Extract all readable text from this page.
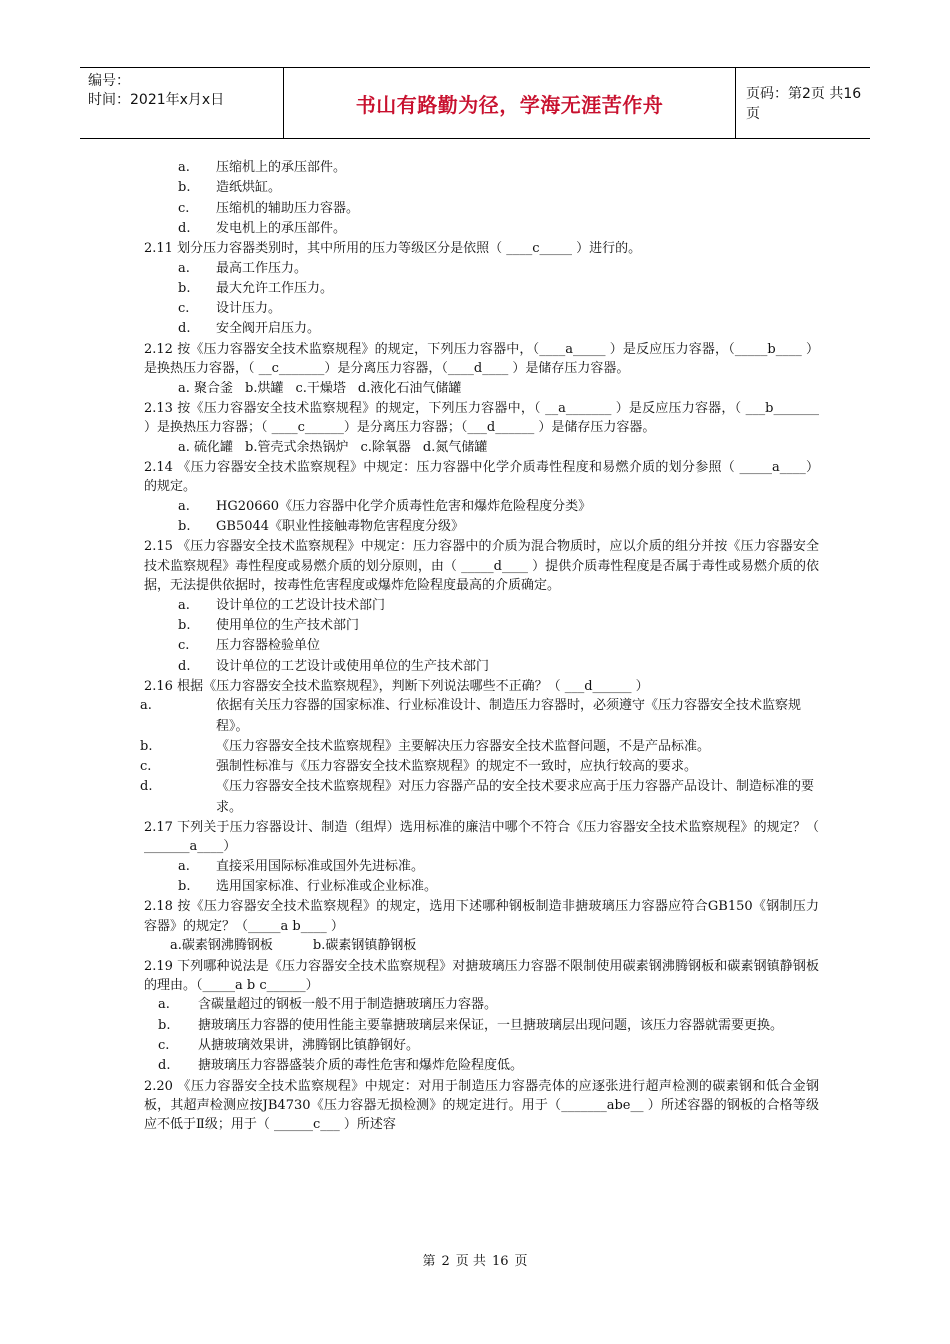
编号：
时间：2021年x月x日	书山有路勤为径，学海无涯苦作舟	页码：第2页 共16页
a. 压缩机上的承压部件。
b. 造纸烘缸。
c. 压缩机的辅助压力容器。
d. 发电机上的承压部件。

2.11 划分压力容器类别时，其中所用的压力等级区分是依照（ ____c_____ ）进行的。

a. 最高工作压力。
b. 最大允许工作压力。
c. 设计压力。
d. 安全阀开启压力。

2.12 按《压力容器安全技术监察规程》的规定，下列压力容器中，（____a_____ ）是反应压力容器，（_____b____ ）是换热压力容器，（ __c_______）是分离压力容器，（____d____ ）是储存压力容器。

a. 聚合釜 b.烘罐 c.干燥塔 d.液化石油气储罐

2.13 按《压力容器安全技术监察规程》的规定，下列压力容器中，（ __a_______ ）是反应压力容器，（ ___b_______ ）是换热压力容器；（ ____c______）是分离压力容器；（___d______ ）是储存压力容器。

a. 硫化罐 b.管壳式余热锅炉 c.除氧器 d.氮气储罐

2.14 《压力容器安全技术监察规程》中规定：压力容器中化学介质毒性程度和易燃介质的划分参照（ _____a____）的规定。

a. HG20660《压力容器中化学介质毒性危害和爆炸危险程度分类》
b. GB5044《职业性接触毒物危害程度分级》

2.15 《压力容器安全技术监察规程》中规定：压力容器中的介质为混合物质时，应以介质的组分并按《压力容器安全技术监察规程》毒性程度或易燃介质的划分原则，由（ _____d____ ）提供介质毒性程度是否属于毒性或易燃介质的依据，无法提供依据时，按毒性危害程度或爆炸危险程度最高的介质确定。

a. 设计单位的工艺设计技术部门
b. 使用单位的生产技术部门
c. 压力容器检验单位
d. 设计单位的工艺设计或使用单位的生产技术部门

2.16 根据《压力容器安全技术监察规程》，判断下列说法哪些不正确？（ ___d______ ）

a.	依据有关压力容器的国家标准、行业标准设计、制造压力容器时，必须遵守《压力容器安全技术监察规程》。
b.	《压力容器安全技术监察规程》主要解决压力容器安全技术监督问题，不是产品标准。
c.	强制性标准与《压力容器安全技术监察规程》的规定不一致时，应执行较高的要求。
d.	《压力容器安全技术监察规程》对压力容器产品的安全技术要求应高于压力容器产品设计、制造标准的要求。

2.17 下列关于压力容器设计、制造（组焊）选用标准的廉洁中哪个不符合《压力容器安全技术监察规程》的规定？（ _______a____）

a. 直接采用国际标准或国外先进标准。
b. 选用国家标准、行业标准或企业标准。

2.18 按《压力容器安全技术监察规程》的规定，选用下述哪种钢板制造非搪玻璃压力容器应符合GB150《钢制压力容器》的规定？（_____a b____ ）

a.碳素钢沸腾钢板	b.碳素钢镇静钢板

2.19 下列哪种说法是《压力容器安全技术监察规程》对搪玻璃压力容器不限制使用碳素钢沸腾钢板和碳素钢镇静钢板的理由。（_____a b c______）

a. 含碳量超过的钢板一般不用于制造搪玻璃压力容器。
b. 搪玻璃压力容器的使用性能主要靠搪玻璃层来保证，一旦搪玻璃层出现问题，该压力容器就需要更换。
c. 从搪玻璃效果讲，沸腾钢比镇静钢好。
d. 搪玻璃压力容器盛装介质的毒性危害和爆炸危险程度低。

2.20 《压力容器安全技术监察规程》中规定：对用于制造压力容器壳体的应逐张进行超声检测的碳素钢和低合金钢板，其超声检测应按JB4730《压力容器无损检测》的规定进行。用于（_______abe__ ）所述容器的钢板的合格等级应不低于Ⅱ级；用于（ ______c___ ）所述容

第 2 页 共 16 页
